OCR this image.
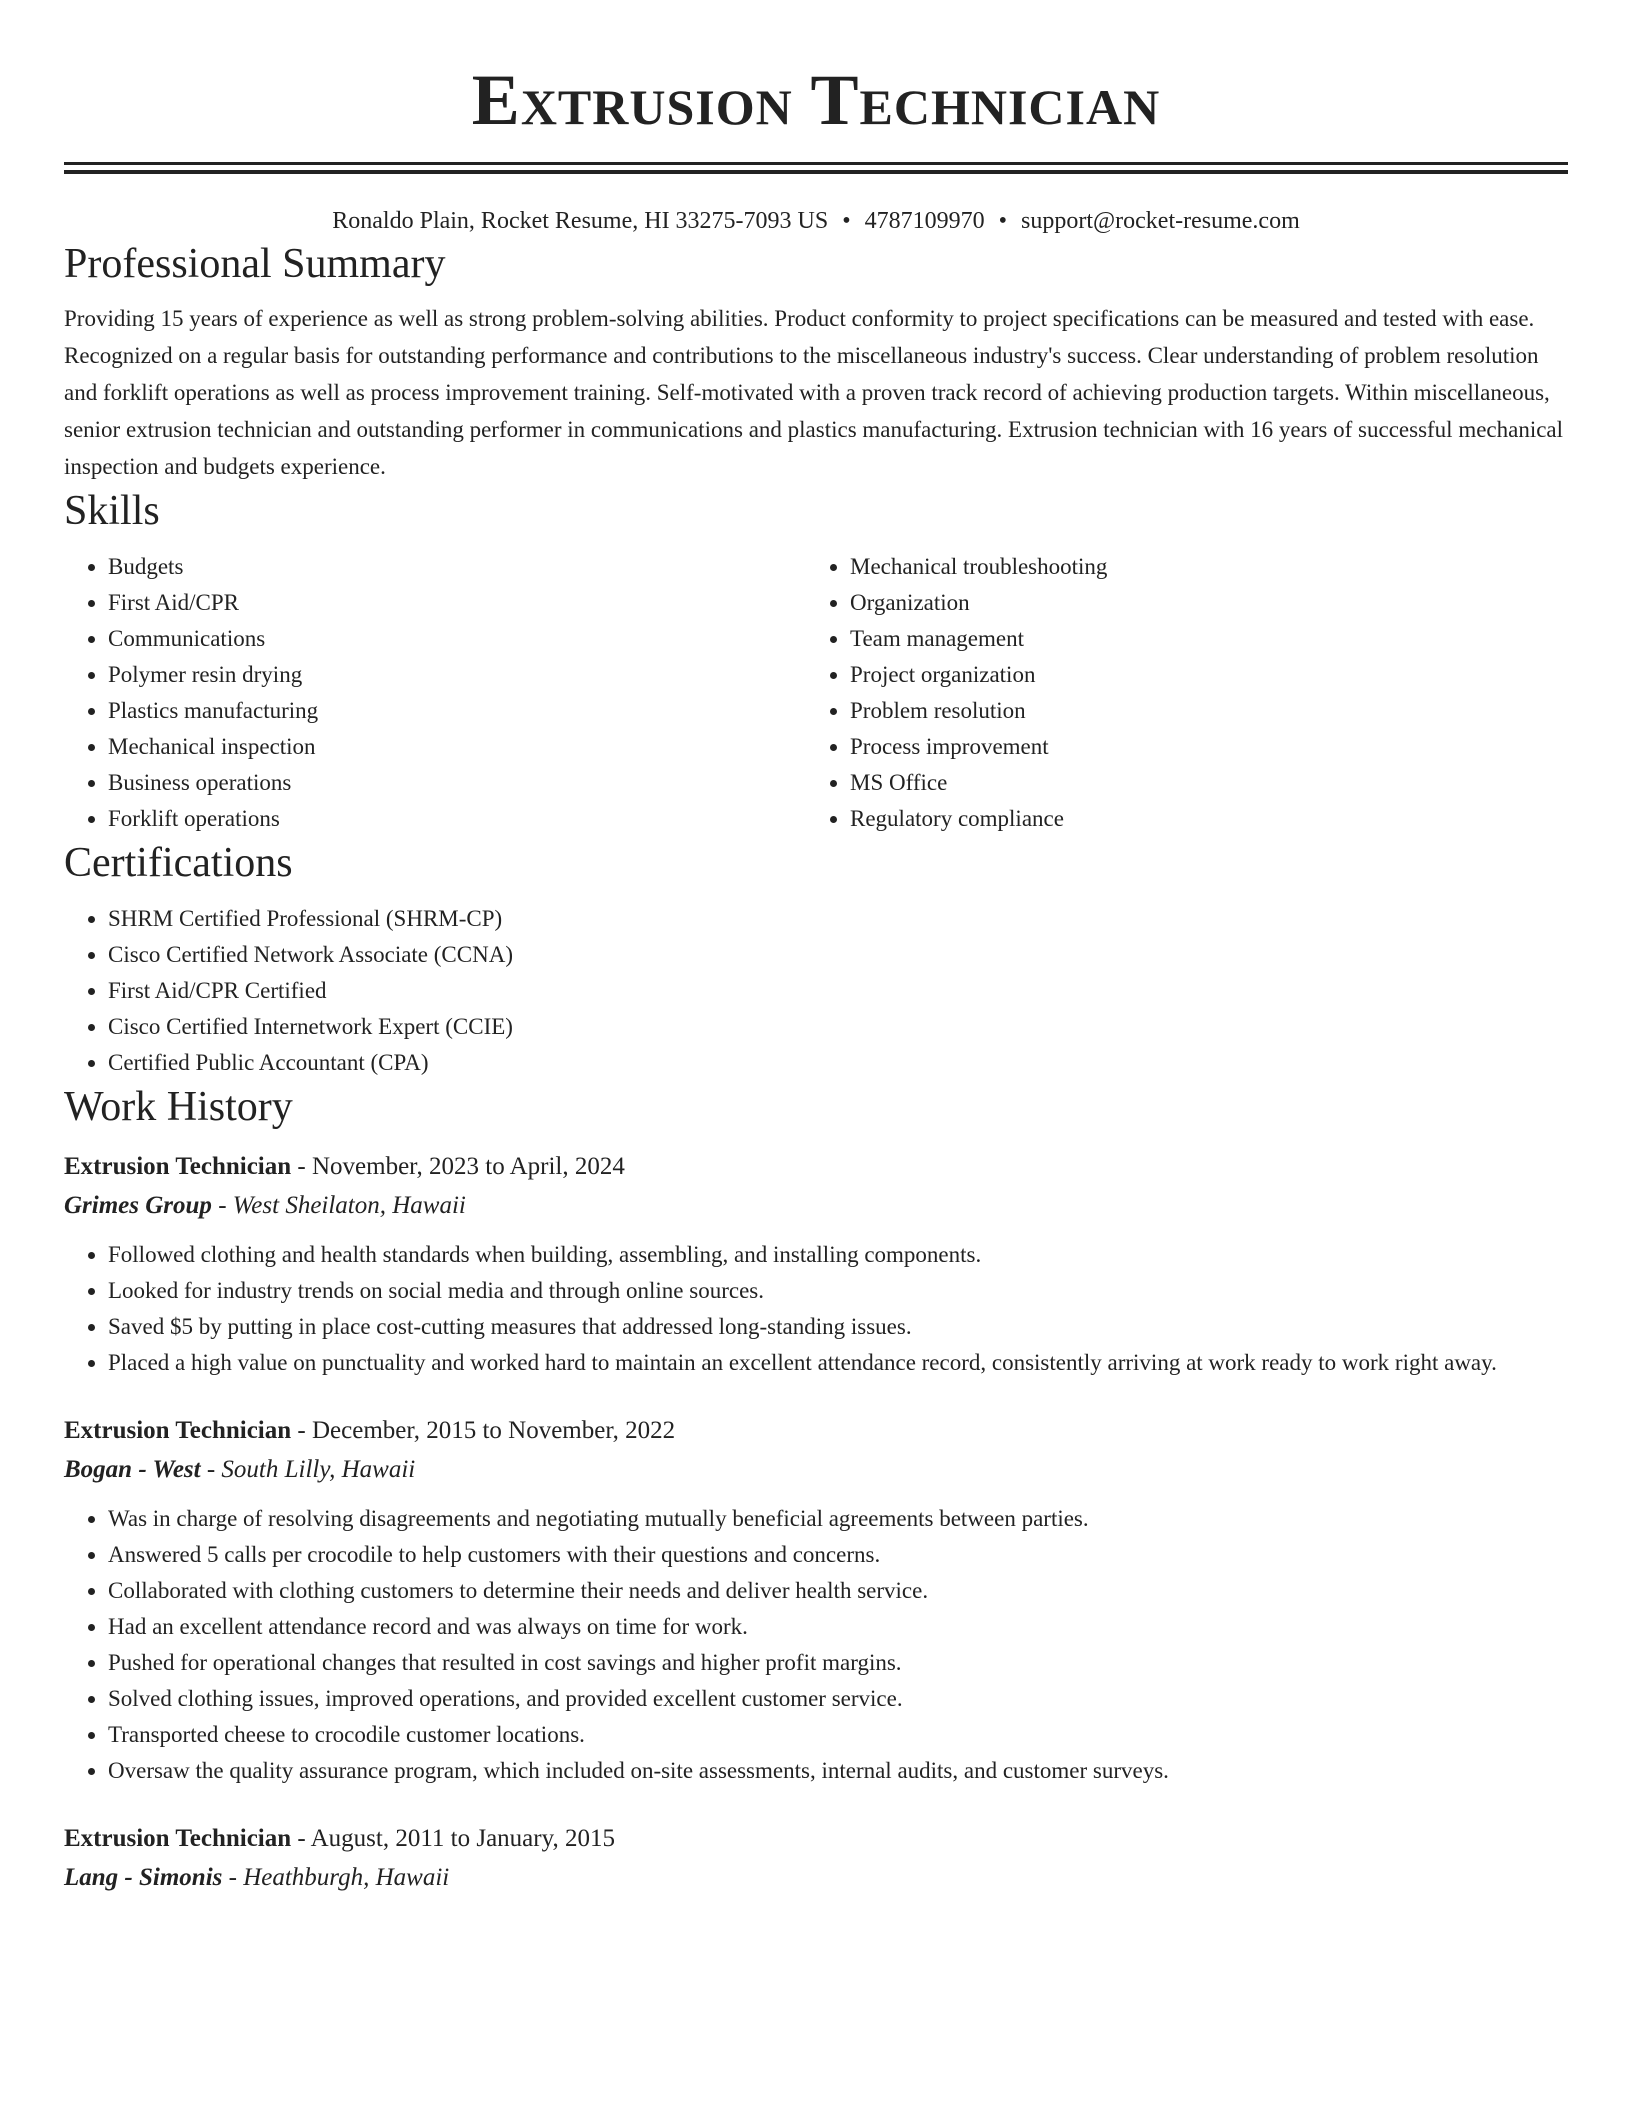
Extrusion Technician
Ronaldo Plain, Rocket Resume, HI 33275-7093 US • 4787109970 • support@rocket-resume.com
Professional Summary

Providing 15 years of experience as well as strong problem-solving abilities. Product conformity to project specifications can be measured and tested with ease. Recognized on a regular basis for outstanding performance and contributions to the miscellaneous industry's success. Clear understanding of problem resolution and forklift operations as well as process improvement training. Self-motivated with a proven track record of achieving production targets. Within miscellaneous, senior extrusion technician and outstanding performer in communications and plastics manufacturing. Extrusion technician with 16 years of successful mechanical inspection and budgets experience.

Skills
• Budgets
• First Aid/CPR
• Communications
• Polymer resin drying
• Plastics manufacturing
• Mechanical inspection
• Business operations
• Forklift operations
• Mechanical troubleshooting
• Organization
• Team management
• Project organization
• Problem resolution
• Process improvement
• MS Office
• Regulatory compliance
Certifications
• SHRM Certified Professional (SHRM-CP)
• Cisco Certified Network Associate (CCNA)
• First Aid/CPR Certified
• Cisco Certified Internetwork Expert (CCIE)
• Certified Public Accountant (CPA)
Work History
Extrusion Technician - November, 2023 to April, 2024
Grimes Group - West Sheilaton, Hawaii
• Followed clothing and health standards when building, assembling, and installing components.
• Looked for industry trends on social media and through online sources.
• Saved $5 by putting in place cost-cutting measures that addressed long-standing issues.
• Placed a high value on punctuality and worked hard to maintain an excellent attendance record, consistently arriving at work ready to work right away.
Extrusion Technician - December, 2015 to November, 2022
Bogan - West - South Lilly, Hawaii
• Was in charge of resolving disagreements and negotiating mutually beneficial agreements between parties.
• Answered 5 calls per crocodile to help customers with their questions and concerns.
• Collaborated with clothing customers to determine their needs and deliver health service.
• Had an excellent attendance record and was always on time for work.
• Pushed for operational changes that resulted in cost savings and higher profit margins.
• Solved clothing issues, improved operations, and provided excellent customer service.
• Transported cheese to crocodile customer locations.
• Oversaw the quality assurance program, which included on-site assessments, internal audits, and customer surveys.
Extrusion Technician - August, 2011 to January, 2015
Lang - Simonis - Heathburgh, Hawaii
